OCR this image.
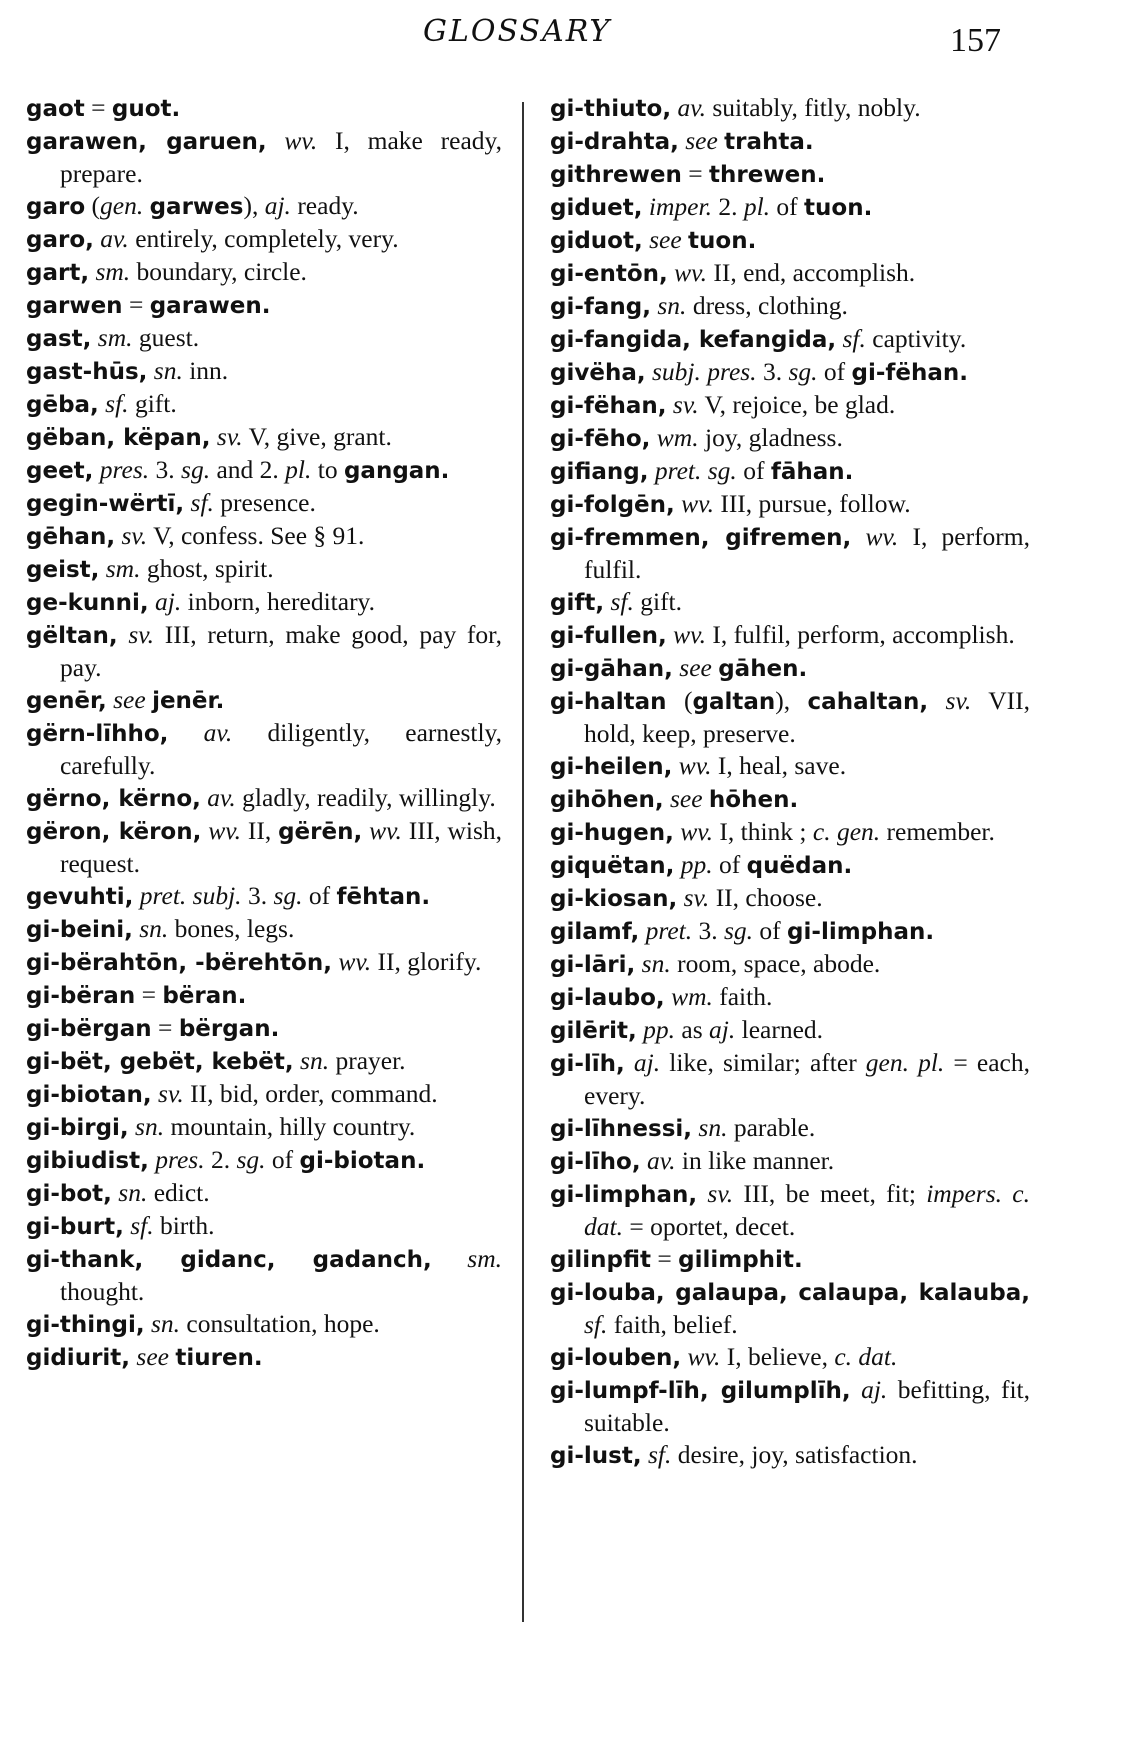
GLOSSARY	157

gaot = guot.

garawen, garuen, wv. I, make ready, prepare.

garo (gen. garwes), aj. ready.

garo, av. entirely, completely, very.

gart, sm. boundary, circle.

garwen = garawen.

gast, sm. guest.

gast-hūs, sn. inn.

gēba, sf. gift.

gëban, këpan, sv. V, give, grant.

geet, pres. 3. sg. and 2. pl. to gangan.

gegin-wërtī, sf. presence.

gēhan, sv. V, confess. See § 91.

geist, sm. ghost, spirit.

ge-kunni, aj. inborn, hereditary.

gëltan, sv. III, return, make good, pay for, pay.

genēr, see jenēr.

gërn-līhho, av. diligently, earnestly, carefully.

gërno, kërno, av. gladly, readily, willingly.

gëron, këron, wv. II, gërēn, wv. III, wish, request.

gevuhti, pret. subj. 3. sg. of fēhtan.

gi-beini, sn. bones, legs.

gi-bërahtōn, -bërehtōn, wv. II, glorify.

gi-bëran = bëran.

gi-bërgan = bërgan.

gi-bët, gebët, kebët, sn. prayer.

gi-biotan, sv. II, bid, order, command.

gi-birgi, sn. mountain, hilly country.

gibiudist, pres. 2. sg. of gi-biotan.

gi-bot, sn. edict.

gi-burt, sf. birth.

gi-thank, gidanc, gadanch, sm. thought.

gi-thingi, sn. consultation, hope.

gidiurit, see tiuren.

gi-thiuto, av. suitably, fitly, nobly.

gi-drahta, see trahta.

githrewen = threwen.

giduet, imper. 2. pl. of tuon.

giduot, see tuon.

gi-entōn, wv. II, end, accomplish.

gi-fang, sn. dress, clothing.

gi-fangida, kefangida, sf. captivity.

givëha, subj. pres. 3. sg. of gi-fëhan.

gi-fëhan, sv. V, rejoice, be glad.

gi-fēho, wm. joy, gladness.

gifiang, pret. sg. of fāhan.

gi-folgēn, wv. III, pursue, follow.

gi-fremmen, gifremen, wv. I, perform, fulfil.

gift, sf. gift.

gi-fullen, wv. I, fulfil, perform, accomplish.

gi-gāhan, see gāhen.

gi-haltan (galtan), cahaltan, sv. VII, hold, keep, preserve.

gi-heilen, wv. I, heal, save.

gihōhen, see hōhen.

gi-hugen, wv. I, think ; c. gen. remember.

giquëtan, pp. of quëdan.

gi-kiosan, sv. II, choose.

gilamf, pret. 3. sg. of gi-limphan.

gi-lāri, sn. room, space, abode.

gi-laubo, wm. faith.

gilērit, pp. as aj. learned.

gi-līh, aj. like, similar; after gen. pl. = each, every.

gi-līhnessi, sn. parable.

gi-līho, av. in like manner.

gi-limphan, sv. III, be meet, fit; impers. c. dat. = oportet, decet.

gilinpfit = gilimphit.

gi-louba, galaupa, calaupa, kalauba, sf. faith, belief.

gi-louben, wv. I, believe, c. dat.

gi-lumpf-līh, gilumplīh, aj. befitting, fit, suitable.

gi-lust, sf. desire, joy, satisfaction.
